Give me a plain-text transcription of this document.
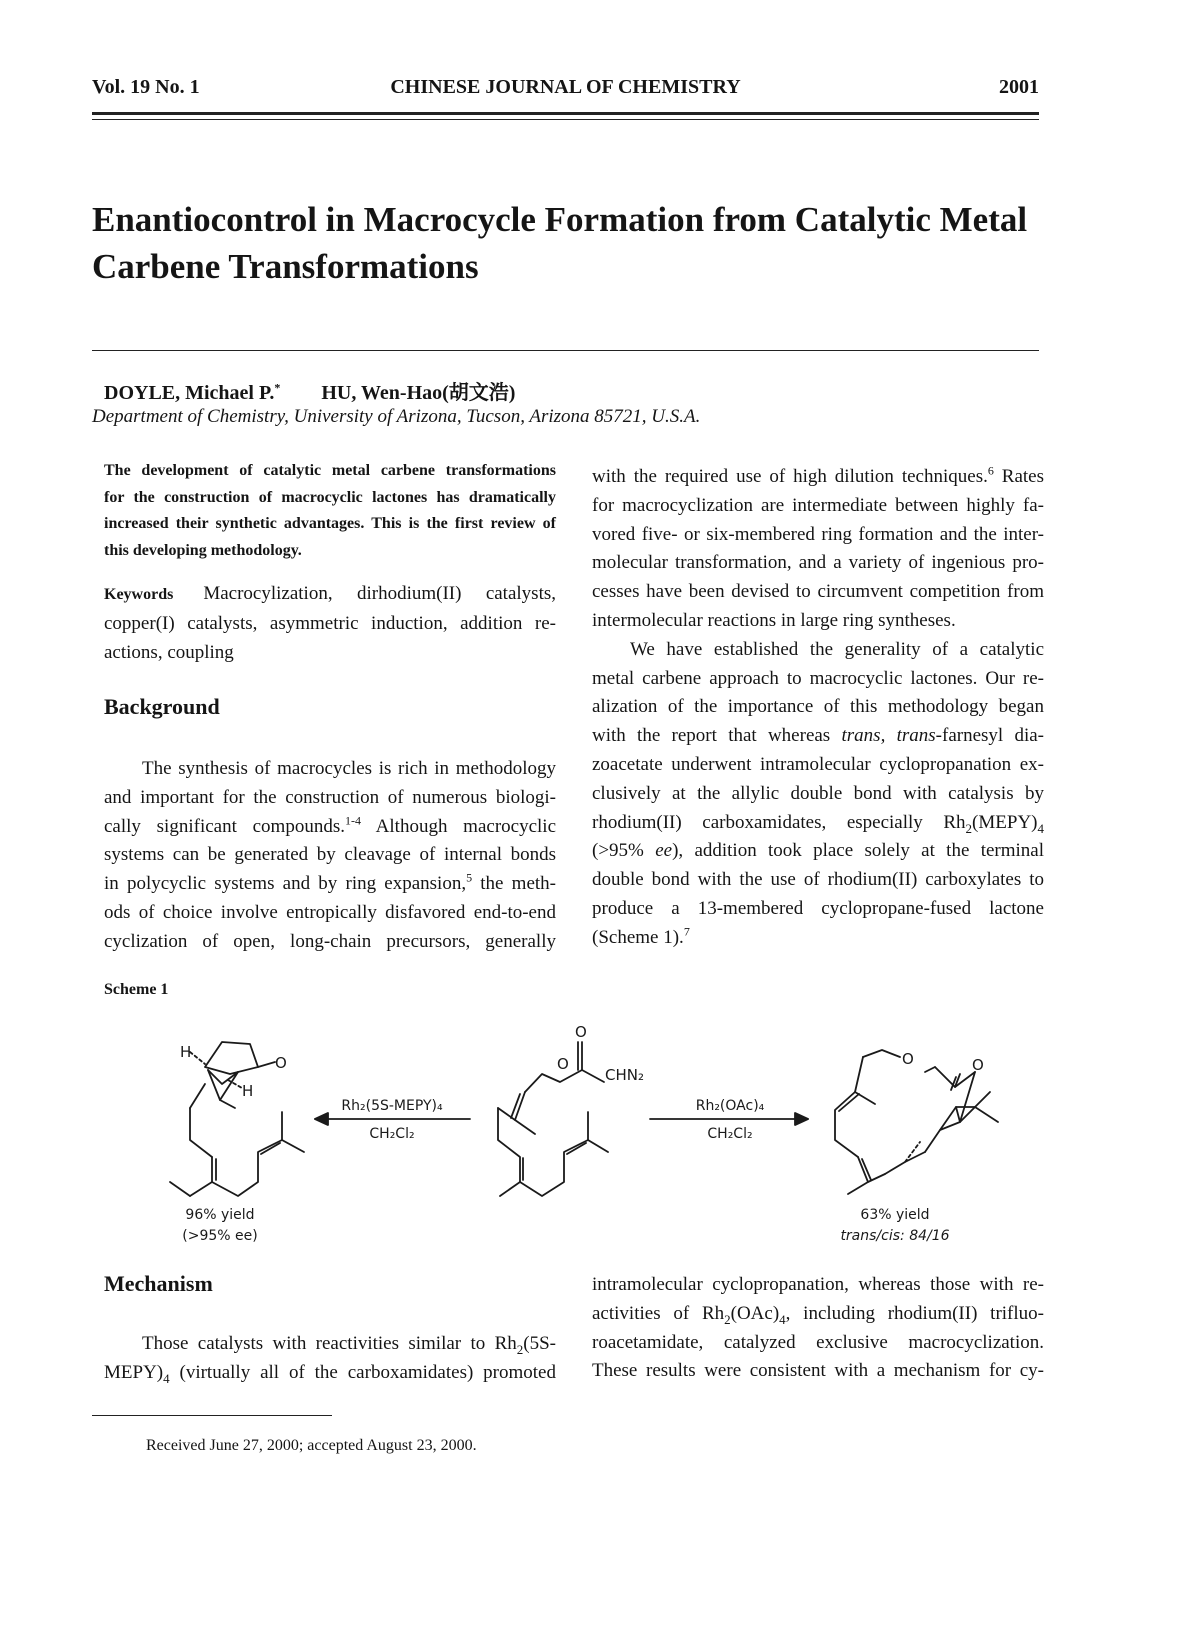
Vol. 19 No. 1	CHINESE JOURNAL OF CHEMISTRY	2001
Enantiocontrol in Macrocycle Formation from Catalytic Metal
Carbene Transformations
DOYLE, Michael P.* HU, Wen-Hao(胡文浩)
Department of Chemistry, University of Arizona, Tucson, Arizona 85721, U.S.A.
The development of catalytic metal carbene transformations
for the construction of macrocyclic lactones has dramatically
increased their synthetic advantages. This is the first review of
this developing methodology.
Keywords Macrocylization, dirhodium(II) catalysts,
copper(I) catalysts, asymmetric induction, addition re-
actions, coupling
Background
The synthesis of macrocycles is rich in methodology
and important for the construction of numerous biologi-
cally significant compounds.$^{1-4}$ Although macrocyclic
systems can be generated by cleavage of internal bonds
in polycyclic systems and by ring expansion,$^5$ the meth-
ods of choice involve entropically disfavored end-to-end
cyclization of open, long-chain precursors, generally
with the required use of high dilution techniques.$^6$ Rates
for macrocyclization are intermediate between highly fa-
vored five- or six-membered ring formation and the inter-
molecular transformation, and a variety of ingenious pro-
cesses have been devised to circumvent competition from
intermolecular reactions in large ring syntheses.
We have established the generality of a catalytic
metal carbene approach to macrocyclic lactones. Our re-
alization of the importance of this methodology began
with the report that whereas trans, trans-farnesyl dia-
zoacetate underwent intramolecular cyclopropanation ex-
clusively at the allylic double bond with catalysis by
rhodium(II) carboxamidates, especially $Rh_2(MEPY)_4$
(>95% ee), addition took place solely at the terminal
double bond with the use of rhodium(II) carboxylates to
produce a 13-membered cyclopropane-fused lactone
(Scheme 1).$^7$
Scheme 1
H
O
H
O
O
CHN₂
O	O
Rh₂(5S-MEPY)₄
CH₂Cl₂
Rh₂(OAc)₄
CH₂Cl₂
96% yield
(>95% ee)
63% yield
trans/cis: 84/16
Mechanism
Those catalysts with reactivities similar to $Rh_2(5S-$
$MEPY)_4$ (virtually all of the carboxamidates) promoted
intramolecular cyclopropanation, whereas those with re-
activities of $Rh_2(OAc)_4$, including rhodium(II) trifluo-
roacetamidate, catalyzed exclusive macrocyclization.
These results were consistent with a mechanism for cy-
Received June 27, 2000; accepted August 23, 2000.
